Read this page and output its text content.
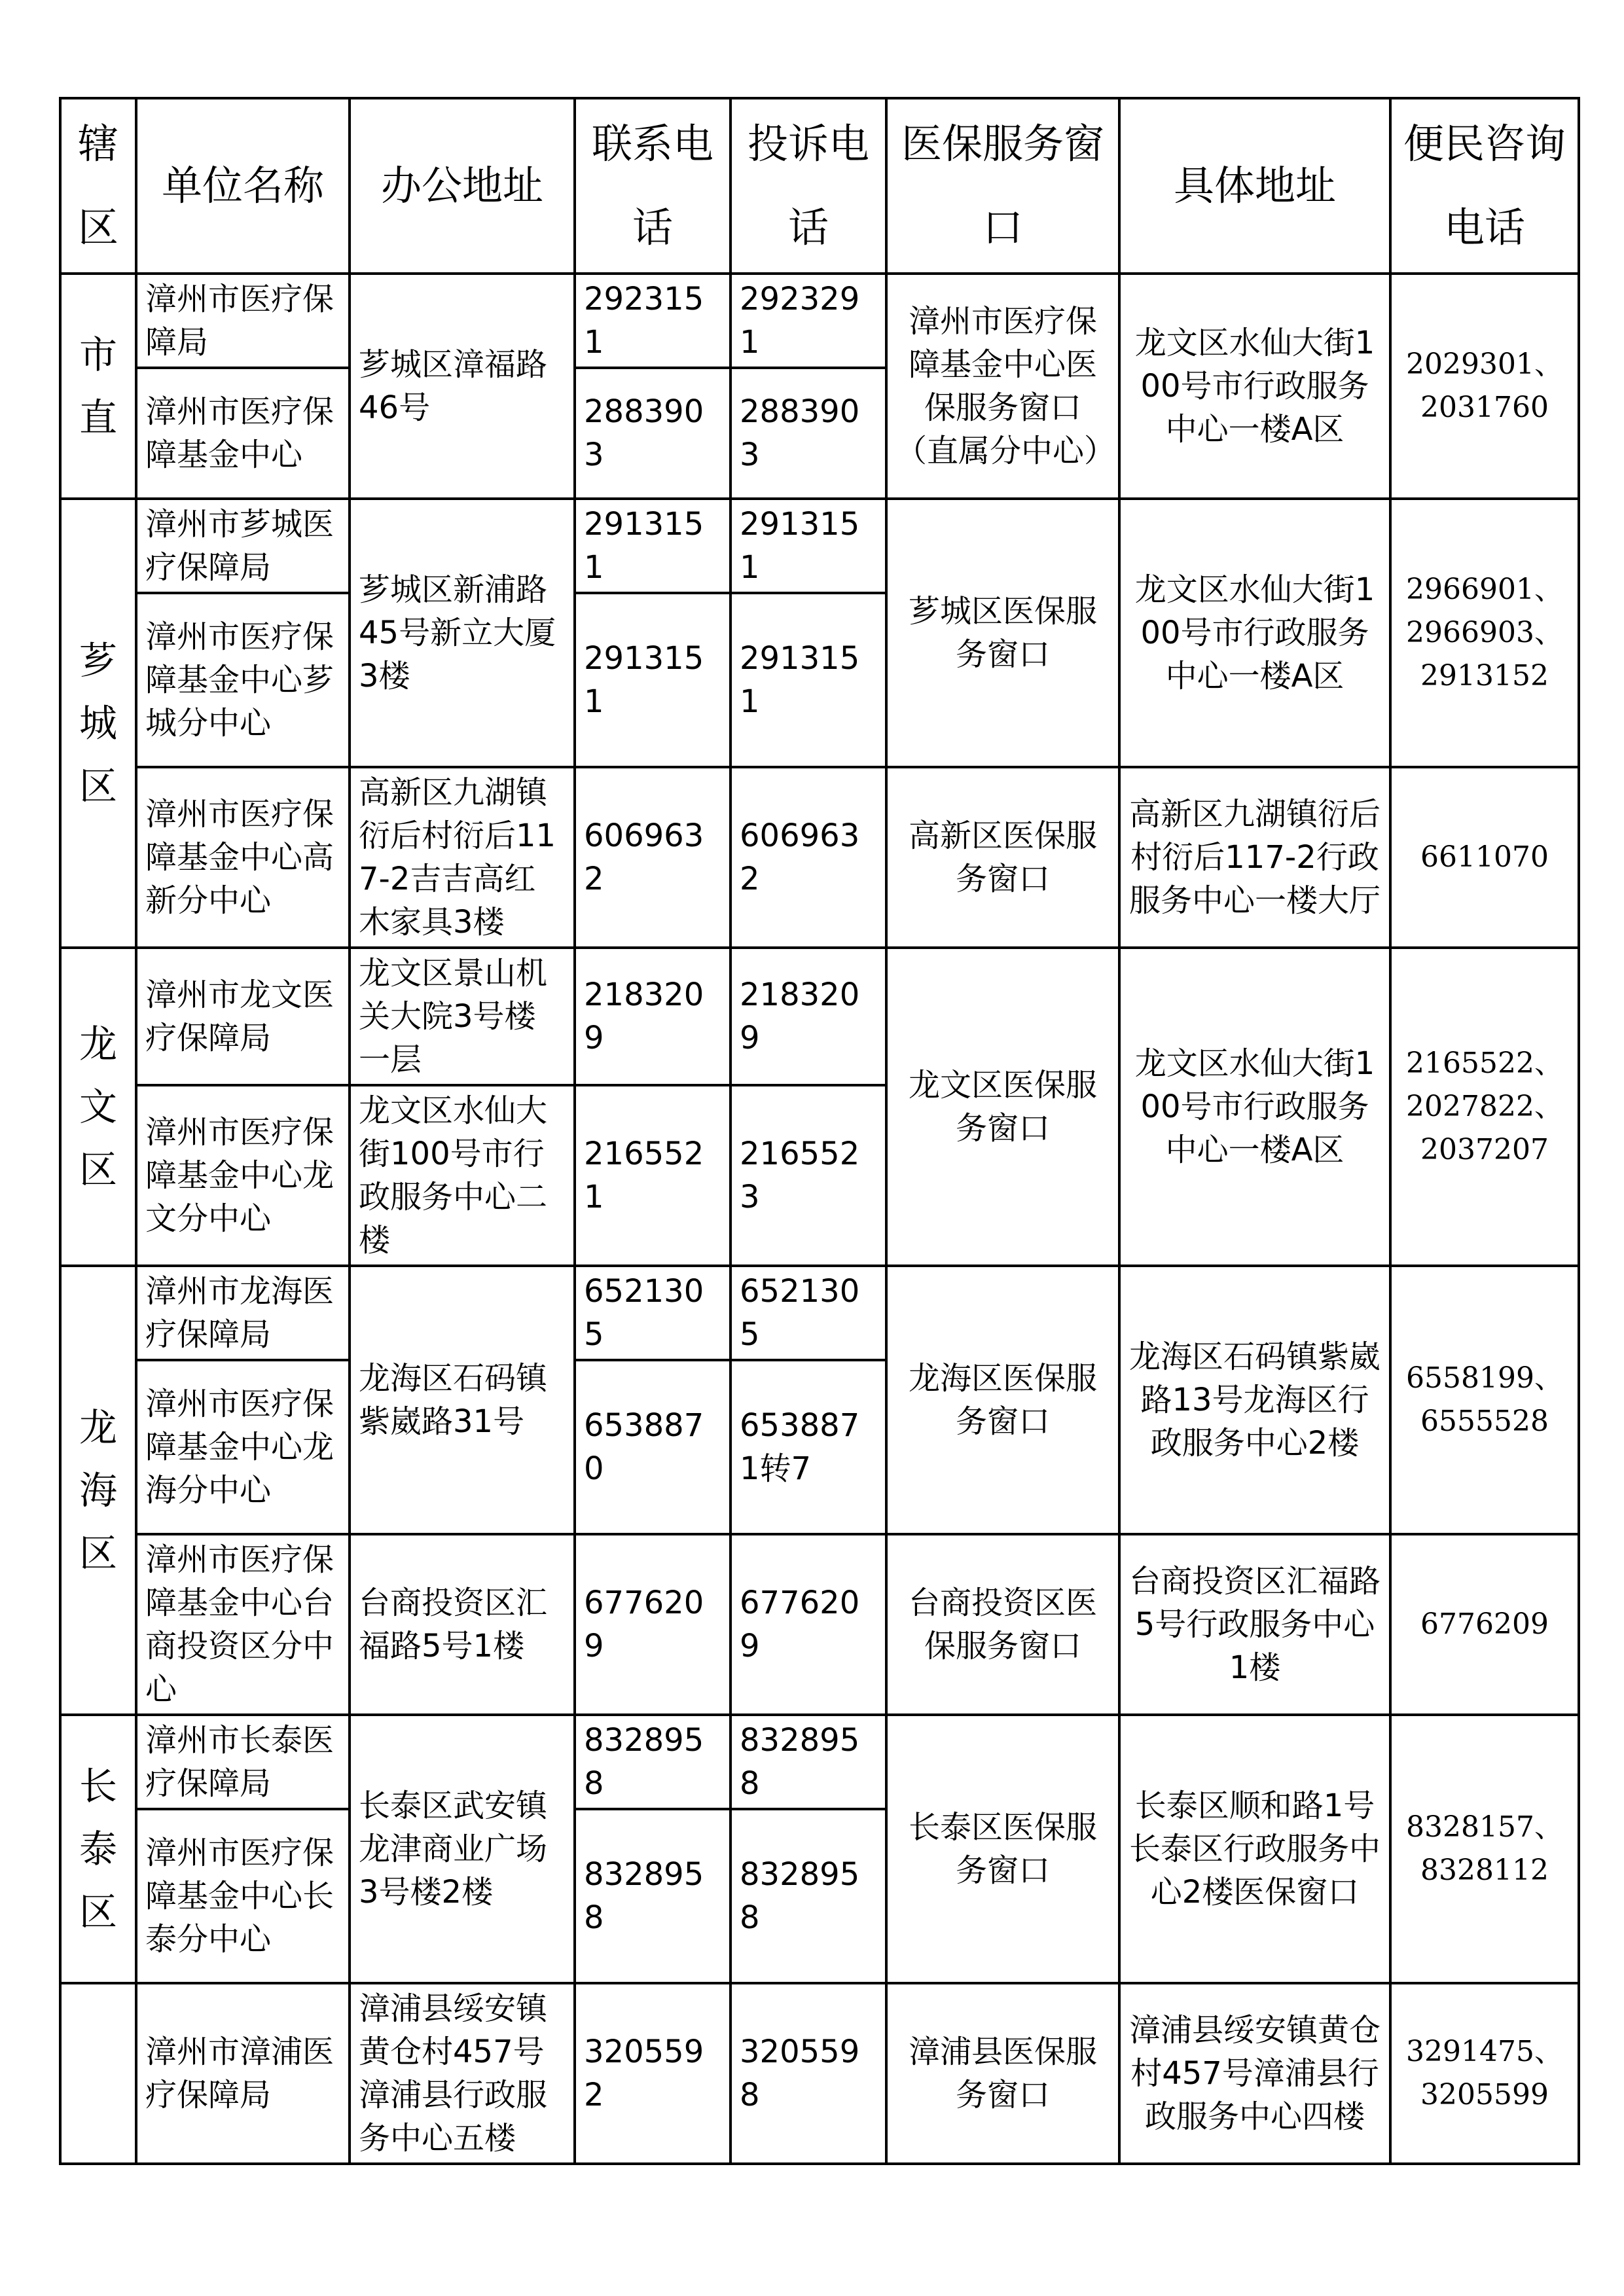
辖区	单位名称	办公地址	联系电话	投诉电话	医保服务窗口	具体地址	便民咨询电话
市直	漳州市医疗保障局	芗城区漳福路46号	2923151	2923291	漳州市医疗保障基金中心医保服务窗口（直属分中心）	龙文区水仙大街100号市行政服务中心一楼A区	2029301、2031760
	漳州市医疗保障基金中心		2883903	2883903			
芗城区	漳州市芗城医疗保障局	芗城区新浦路45号新立大厦3楼	2913151	2913151	芗城区医保服务窗口	龙文区水仙大街100号市行政服务中心一楼A区	2966901、2966903、2913152
	漳州市医疗保障基金中心芗城分中心		2913151	2913151			
	漳州市医疗保障基金中心高新分中心	高新区九湖镇衍后村衍后117-2吉吉高红木家具3楼	6069632	6069632	高新区医保服务窗口	高新区九湖镇衍后村衍后117-2行政服务中心一楼大厅	6611070
龙文区	漳州市龙文医疗保障局	龙文区景山机关大院3号楼一层	2183209	2183209	龙文区医保服务窗口	龙文区水仙大街100号市行政服务中心一楼A区	2165522、2027822、2037207
	漳州市医疗保障基金中心龙文分中心	龙文区水仙大街100号市行政服务中心二楼	2165521	2165523			
龙海区	漳州市龙海医疗保障局	龙海区石码镇紫崴路31号	6521305	6521305	龙海区医保服务窗口	龙海区石码镇紫崴路13号龙海区行政服务中心2楼	6558199、6555528
	漳州市医疗保障基金中心龙海分中心		6538870	6538871转7			
	漳州市医疗保障基金中心台商投资区分中心	台商投资区汇福路5号1楼	6776209	6776209	台商投资区医保服务窗口	台商投资区汇福路5号行政服务中心1楼	6776209
长泰区	漳州市长泰医疗保障局	长泰区武安镇龙津商业广场3号楼2楼	8328958	8328958	长泰区医保服务窗口	长泰区顺和路1号长泰区行政服务中心2楼医保窗口	8328157、8328112
	漳州市医疗保障基金中心长泰分中心		8328958	8328958			
	漳州市漳浦医疗保障局	漳浦县绥安镇黄仓村457号漳浦县行政服务中心五楼	3205592	3205598	漳浦县医保服务窗口	漳浦县绥安镇黄仓村457号漳浦县行政服务中心四楼	3291475、3205599
